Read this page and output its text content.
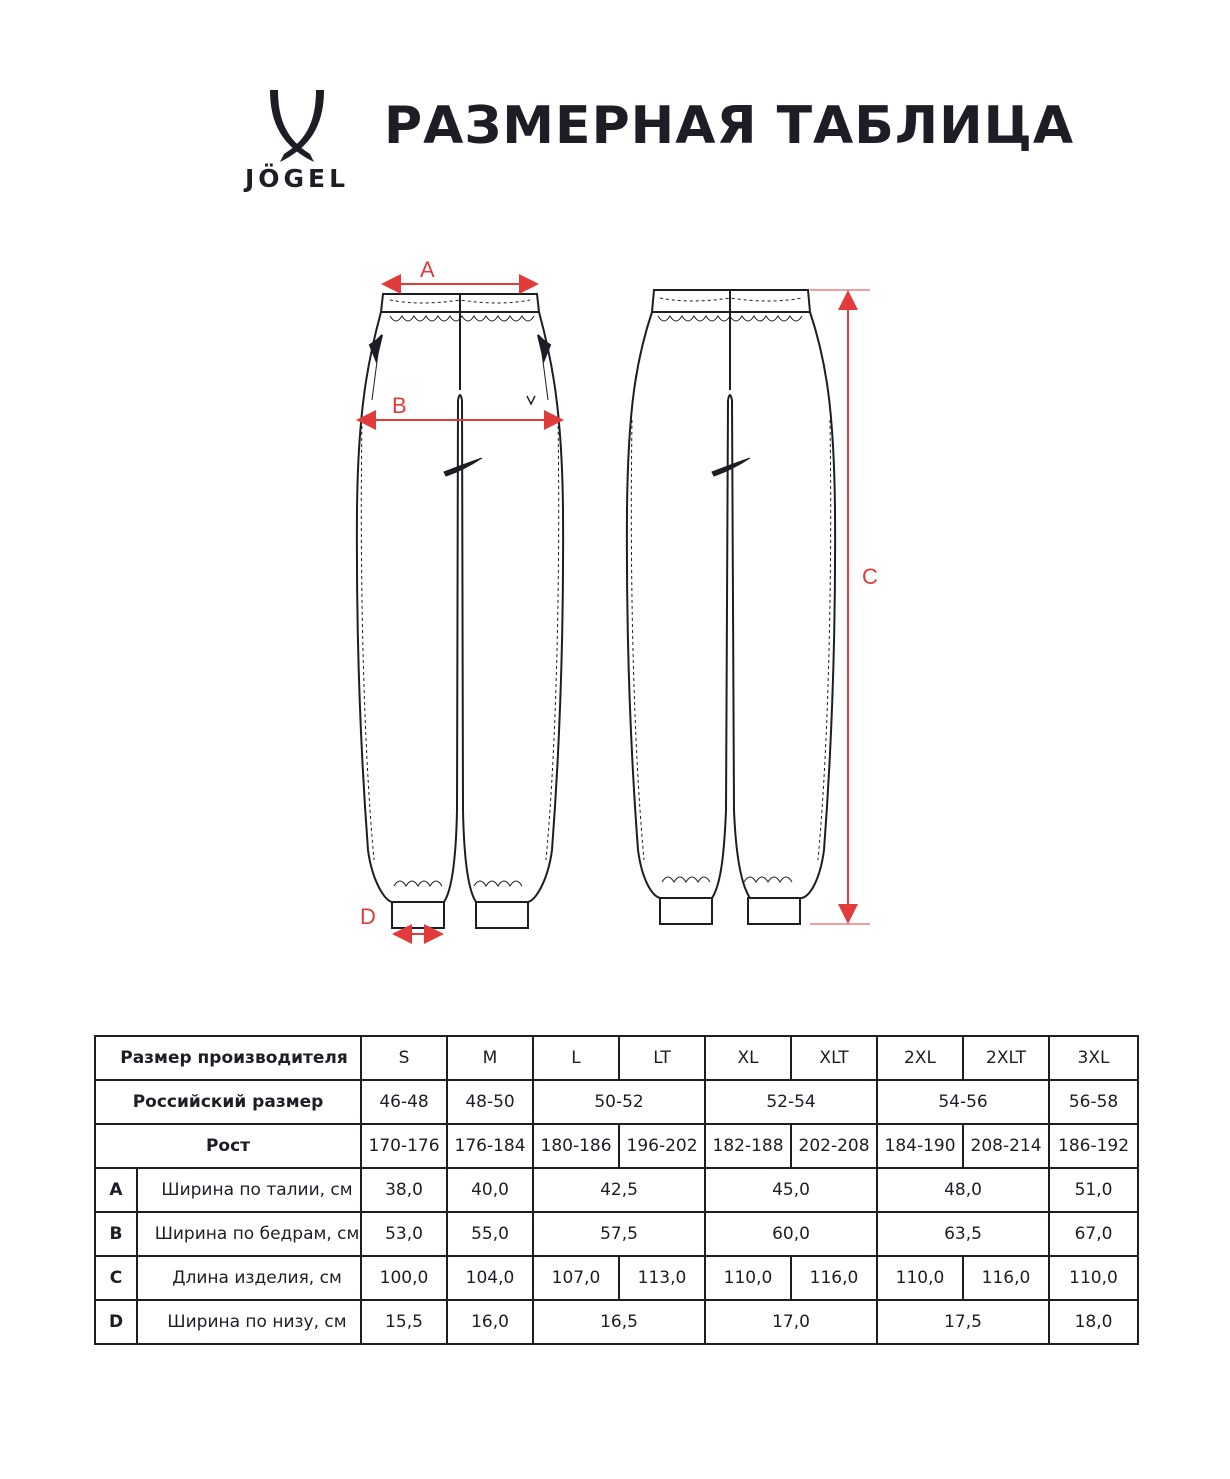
JÖGEL
РАЗМЕРНАЯ ТАБЛИЦА
A
B
C
D
Размер производителя		S	M	L	LT	XL	XLT	2XL	2XLT	3XL
Российский размер		46-48	48-50	50-52		52-54		54-56		56-58
Рост		170-176	176-184	180-186	196-202	182-188	202-208	184-190	208-214	186-192
A	Ширина по талии, см	38,0	40,0	42,5		45,0		48,0		51,0
B	Ширина по бедрам, см	53,0	55,0	57,5		60,0		63,5		67,0
C	Длина изделия, см	100,0	104,0	107,0	113,0	110,0	116,0	110,0	116,0	110,0
D	Ширина по низу, см	15,5	16,0	16,5		17,0		17,5		18,0
